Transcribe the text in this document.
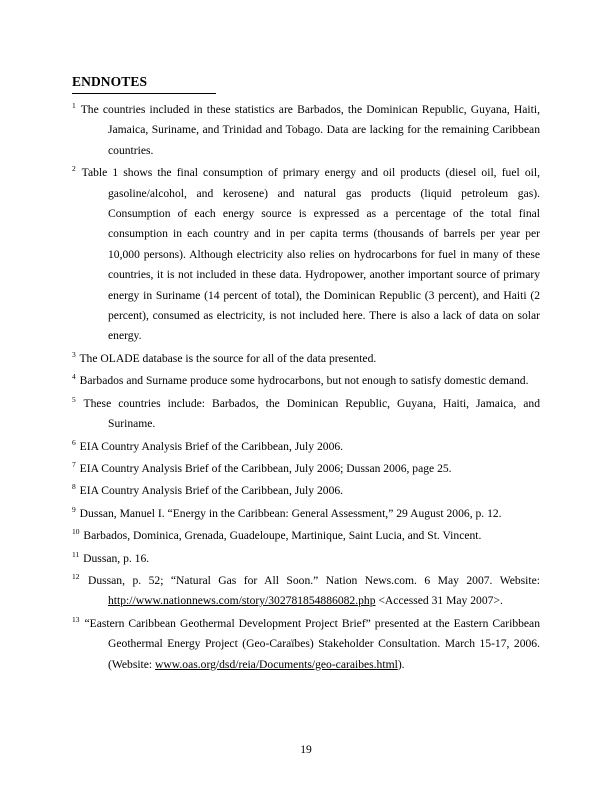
ENDNOTES

$^1$ The countries included in these statistics are Barbados, the Dominican Republic, Guyana, Haiti, Jamaica, Suriname, and Trinidad and Tobago. Data are lacking for the remaining Caribbean countries.

$^2$ Table 1 shows the final consumption of primary energy and oil products (diesel oil, fuel oil, gasoline/alcohol, and kerosene) and natural gas products (liquid petroleum gas). Consumption of each energy source is expressed as a percentage of the total final consumption in each country and in per capita terms (thousands of barrels per year per 10,000 persons). Although electricity also relies on hydrocarbons for fuel in many of these countries, it is not included in these data. Hydropower, another important source of primary energy in Suriname (14 percent of total), the Dominican Republic (3 percent), and Haiti (2 percent), consumed as electricity, is not included here. There is also a lack of data on solar energy.

$^3$ The OLADE database is the source for all of the data presented.

$^4$ Barbados and Surname produce some hydrocarbons, but not enough to satisfy domestic demand.

$^5$ These countries include: Barbados, the Dominican Republic, Guyana, Haiti, Jamaica, and Suriname.

$^6$ EIA Country Analysis Brief of the Caribbean, July 2006.

$^7$ EIA Country Analysis Brief of the Caribbean, July 2006; Dussan 2006, page 25.

$^8$ EIA Country Analysis Brief of the Caribbean, July 2006.

$^9$ Dussan, Manuel I. “Energy in the Caribbean: General Assessment,” 29 August 2006, p. 12.

$^{10}$ Barbados, Dominica, Grenada, Guadeloupe, Martinique, Saint Lucia, and St. Vincent.

$^{11}$ Dussan, p. 16.

$^{12}$ Dussan, p. 52; “Natural Gas for All Soon.” Nation News.com. 6 May 2007. Website: http://www.nationnews.com/story/302781854886082.php <Accessed 31 May 2007>.

$^{13}$ “Eastern Caribbean Geothermal Development Project Brief” presented at the Eastern Caribbean Geothermal Energy Project (Geo-Caraïbes) Stakeholder Consultation. March 15-17, 2006. (Website: www.oas.org/dsd/reia/Documents/geo-caraibes.html).

19
